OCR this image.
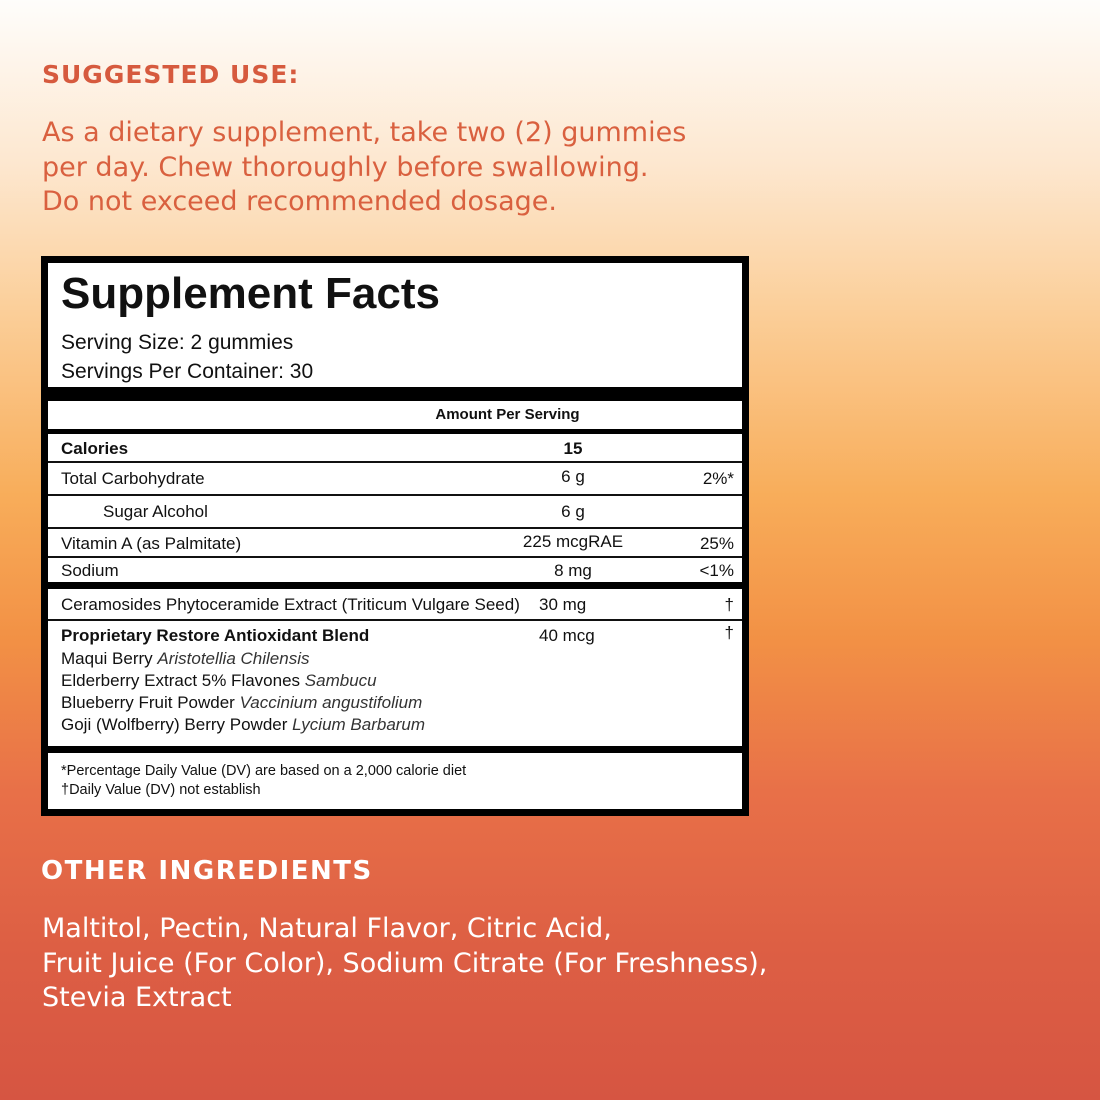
SUGGESTED USE:

As a dietary supplement, take two (2) gummies
per day. Chew thoroughly before swallowing.
Do not exceed recommended dosage.

Supplement Facts
Serving Size: 2 gummies
Servings Per Container: 30
Amount Per Serving
Calories	15
Total Carbohydrate	6 g	2%*
Sugar Alcohol	6 g
Vitamin A (as Palmitate)	225 mcgRAE	25%
Sodium	8 mg	<1%
Ceramosides Phytoceramide Extract (Triticum Vulgare Seed) 30 mg	†
Proprietary Restore Antioxidant Blend	40 mcg	†
Maqui Berry Aristotellia Chilensis
Elderberry Extract 5% Flavones Sambucu
Blueberry Fruit Powder Vaccinium angustifolium
Goji (Wolfberry) Berry Powder Lycium Barbarum
*Percentage Daily Value (DV) are based on a 2,000 calorie diet
†Daily Value (DV) not establish
OTHER INGREDIENTS

Maltitol, Pectin, Natural Flavor, Citric Acid,
Fruit Juice (For Color), Sodium Citrate (For Freshness),
Stevia Extract
